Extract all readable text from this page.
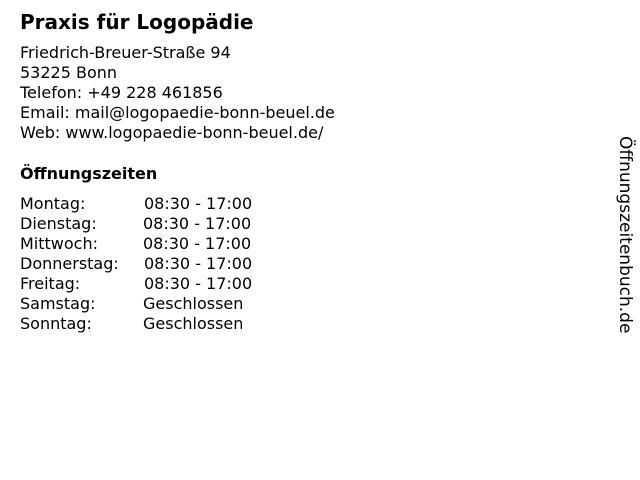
Praxis für Logopädie
Friedrich-Breuer-Straße 94
53225 Bonn
Telefon: +49 228 461856
Email: mail@logopaedie-bonn-beuel.de
Web: www.logopaedie-bonn-beuel.de/
Öffnungszeiten
Montag:	08:30 - 17:00
Dienstag:	08:30 - 17:00
Mittwoch:	08:30 - 17:00
Donnerstag: 08:30 - 17:00
Freitag:	08:30 - 17:00
Samstag:	Geschlossen
Sonntag:	Geschlossen	Öffnungszeitenbuch.de
